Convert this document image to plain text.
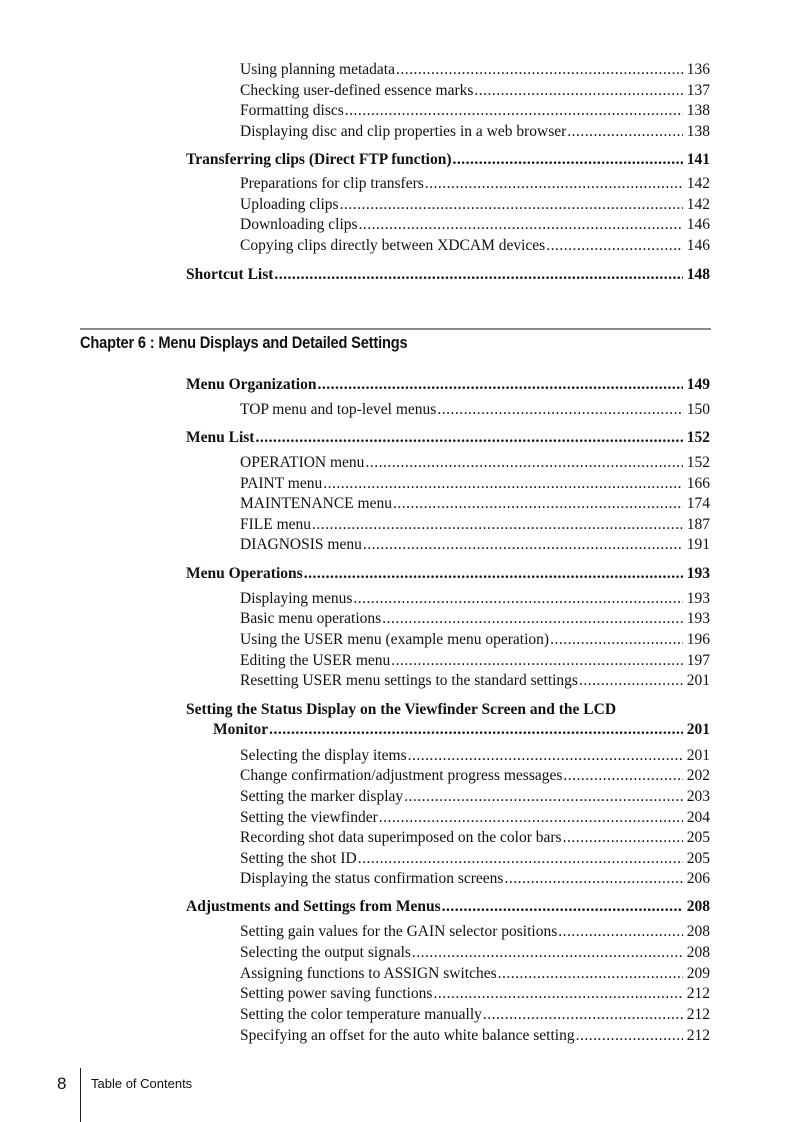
Using planning metadata .....	136
Checking user-defined essence marks .....	137
Formatting discs .....	138
Displaying disc and clip properties in a web browser .....	138
Transferring clips (Direct FTP function) .....	141
Preparations for clip transfers .....	142
Uploading clips .....	142
Downloading clips .....	146
Copying clips directly between XDCAM devices .....	146
Shortcut List .....	148
Chapter 6 : Menu Displays and Detailed Settings
Menu Organization .....	149
TOP menu and top-level menus .....	150
Menu List .....	152
OPERATION menu .....	152
PAINT menu .....	166
MAINTENANCE menu .....	174
FILE menu .....	187
DIAGNOSIS menu .....	191
Menu Operations .....	193
Displaying menus .....	193
Basic menu operations .....	193
Using the USER menu (example menu operation) .....	196
Editing the USER menu .....	197
Resetting USER menu settings to the standard settings .....	201
Setting the Status Display on the Viewfinder Screen and the LCD
Monitor .....	201
Selecting the display items .....	201
Change confirmation/adjustment progress messages .....	202
Setting the marker display .....	203
Setting the viewfinder .....	204
Recording shot data superimposed on the color bars .....	205
Setting the shot ID .....	205
Displaying the status confirmation screens .....	206
Adjustments and Settings from Menus .....	208
Setting gain values for the GAIN selector positions .....	208
Selecting the output signals .....	208
Assigning functions to ASSIGN switches .....	209
Setting power saving functions .....	212
Setting the color temperature manually .....	212
Specifying an offset for the auto white balance setting .....	212
8 Table of Contents
